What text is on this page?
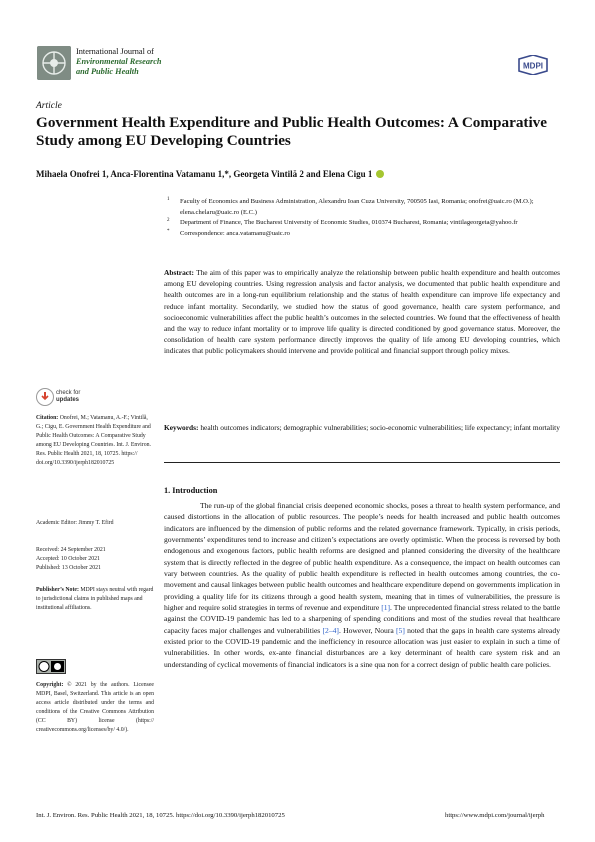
International Journal of
Environmental Research
and Public Health
MDPI
Article
Government Health Expenditure and Public Health Outcomes: A Comparative Study among EU Developing Countries
Mihaela Onofrei 1, Anca-Florentina Vatamanu 1,*, Georgeta Vintilă 2 and Elena Cigu 1
1 Faculty of Economics and Business Administration, Alexandru Ioan Cuza University, 700505 Iasi, Romania; onofrei@uaic.ro (M.O.); elena.chelaru@uaic.ro (E.C.)
2 Department of Finance, The Bucharest University of Economic Studies, 010374 Bucharest, Romania; vintilageorgeta@yahoo.fr
* Correspondence: anca.vatamanu@uaic.ro
Abstract: The aim of this paper was to empirically analyze the relationship between public health expenditure and health outcomes among EU developing countries. Using regression analysis and factor analysis, we documented that public health expenditure and health outcomes are in a long-run equilibrium relationship and the status of health expenditure can improve life expectancy and reduce infant mortality. Secondarily, we studied how the status of good governance, health care system performance, and socioeconomic vulnerabilities affect the public health’s outcomes in the selected countries. We found that the effectiveness of health and the way to reduce infant mortality or to improve life quality is directed conditioned by good governance status. Moreover, the consolidation of health care system performance directly improves the quality of life among EU developing countries, which indicates that public policymakers should intervene and provide political and financial support through policy mixes.
Keywords: health outcomes indicators; demographic vulnerabilities; socio-economic vulnerabilities; life expectancy; infant mortality
1. Introduction
The run-up of the global financial crisis deepened economic shocks, poses a threat to health system performance, and caused distortions in the allocation of public resources. The people’s needs for health increased and public health outcomes indicators are influenced by the dimension of public reforms and the related governance framework. Typically, in crisis periods, governments’ expenditures tend to increase and citizen’s expectations are overly optimistic. When the process is reversed by both endogenous and exogenous factors, public health reforms are designed and planned considering the diversity of the healthcare system that is directly reflected in the degree of public health expenditure. As a consequence, the impact on health outcomes can vary between countries. As the quality of public health expenditure is reflected in health outcomes among countries, the co-movement and causal linkages between public health outcomes and healthcare expenditure depend on governments implication in providing a quality life for its citizens through a good health system, meaning that in times of vulnerabilities, the pressure is higher and require solid strategies in terms of revenue and expenditure [1]. The unprecedented financial stress related to the battle against the COVID-19 pandemic has led to a sharpening of spending conditions and most of the studies reveal that healthcare capacity faces major challenges and vulnerabilities [2–4]. However, Noura [5] noted that the gaps in health care systems already existed prior to the COVID-19 pandemic and the inefficiency in resource allocation was just easier to explain in such a time of vulnerabilities. In other words, ex-ante financial disturbances are a key determinant of health care system risk and an understanding of cyclical movements of financial indicators is a sine qua non for a correct design of public health care policies.
check for
updates
Citation: Onofrei, M.; Vatamanu, A.-F.; Vintilă, G.; Cigu, E. Government Health Expenditure and Public Health Outcomes: A Comparative Study among EU Developing Countries. Int. J. Environ. Res. Public Health 2021, 18, 10725. https:// doi.org/10.3390/ijerph182010725
Academic Editor: Jimmy T. Efird
Received: 24 September 2021
Accepted: 10 October 2021
Published: 13 October 2021
Publisher’s Note: MDPI stays neutral with regard to jurisdictional claims in published maps and institutional affiliations.
Copyright: © 2021 by the authors. Licensee MDPI, Basel, Switzerland. This article is an open access article distributed under the terms and conditions of the Creative Commons Attribution (CC BY) license (https:// creativecommons.org/licenses/by/ 4.0/).
Int. J. Environ. Res. Public Health 2021, 18, 10725. https://doi.org/10.3390/ijerph182010725	https://www.mdpi.com/journal/ijerph
